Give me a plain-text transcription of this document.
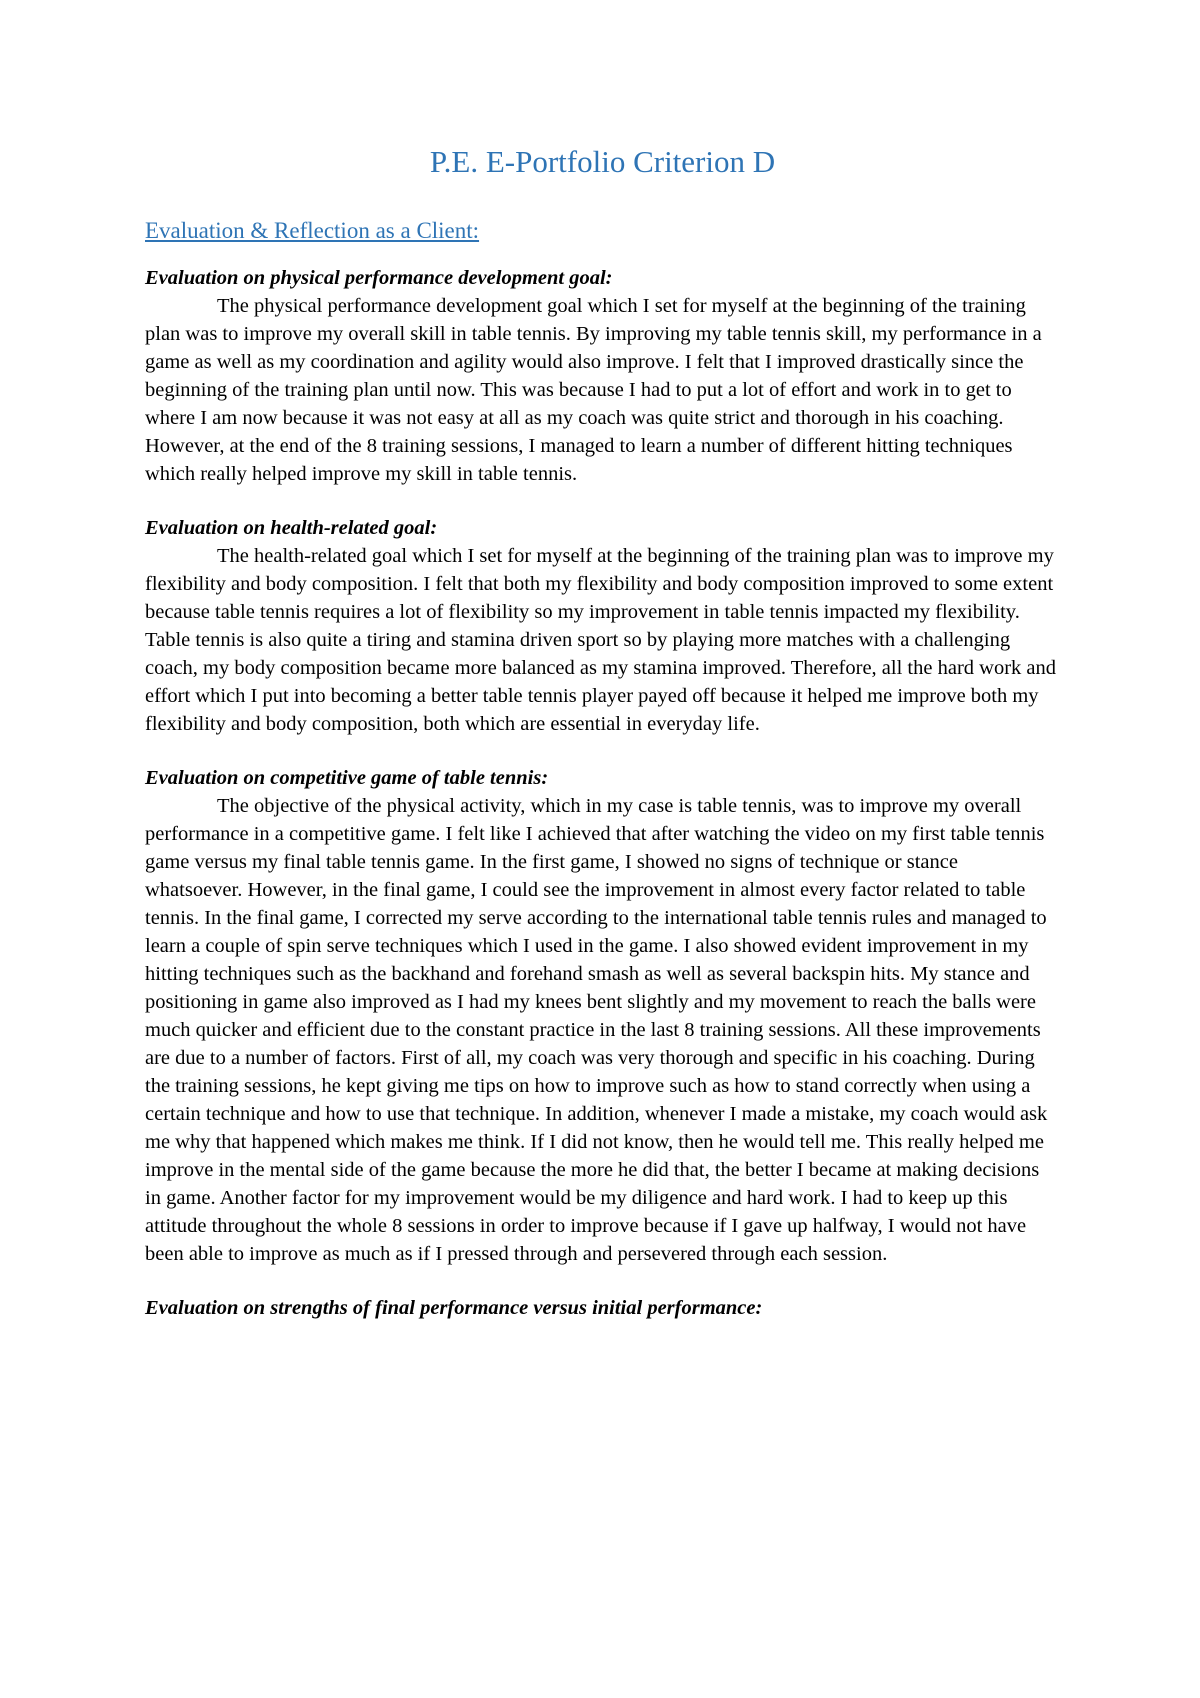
P.E. E-Portfolio Criterion D
Evaluation & Reflection as a Client:

Evaluation on physical performance development goal:

The physical performance development goal which I set for myself at the beginning of the training plan was to improve my overall skill in table tennis. By improving my table tennis skill, my performance in a game as well as my coordination and agility would also improve. I felt that I improved drastically since the beginning of the training plan until now. This was because I had to put a lot of effort and work in to get to where I am now because it was not easy at all as my coach was quite strict and thorough in his coaching. However, at the end of the 8 training sessions, I managed to learn a number of different hitting techniques which really helped improve my skill in table tennis.

Evaluation on health-related goal:

The health-related goal which I set for myself at the beginning of the training plan was to improve my flexibility and body composition. I felt that both my flexibility and body composition improved to some extent because table tennis requires a lot of flexibility so my improvement in table tennis impacted my flexibility. Table tennis is also quite a tiring and stamina driven sport so by playing more matches with a challenging coach, my body composition became more balanced as my stamina improved. Therefore, all the hard work and effort which I put into becoming a better table tennis player payed off because it helped me improve both my flexibility and body composition, both which are essential in everyday life.

Evaluation on competitive game of table tennis:

The objective of the physical activity, which in my case is table tennis, was to improve my overall performance in a competitive game. I felt like I achieved that after watching the video on my first table tennis game versus my final table tennis game. In the first game, I showed no signs of technique or stance whatsoever. However, in the final game, I could see the improvement in almost every factor related to table tennis. In the final game, I corrected my serve according to the international table tennis rules and managed to learn a couple of spin serve techniques which I used in the game. I also showed evident improvement in my hitting techniques such as the backhand and forehand smash as well as several backspin hits. My stance and positioning in game also improved as I had my knees bent slightly and my movement to reach the balls were much quicker and efficient due to the constant practice in the last 8 training sessions. All these improvements are due to a number of factors. First of all, my coach was very thorough and specific in his coaching. During the training sessions, he kept giving me tips on how to improve such as how to stand correctly when using a certain technique and how to use that technique. In addition, whenever I made a mistake, my coach would ask me why that happened which makes me think. If I did not know, then he would tell me. This really helped me improve in the mental side of the game because the more he did that, the better I became at making decisions in game. Another factor for my improvement would be my diligence and hard work. I had to keep up this attitude throughout the whole 8 sessions in order to improve because if I gave up halfway, I would not have been able to improve as much as if I pressed through and persevered through each session.

Evaluation on strengths of final performance versus initial performance:
